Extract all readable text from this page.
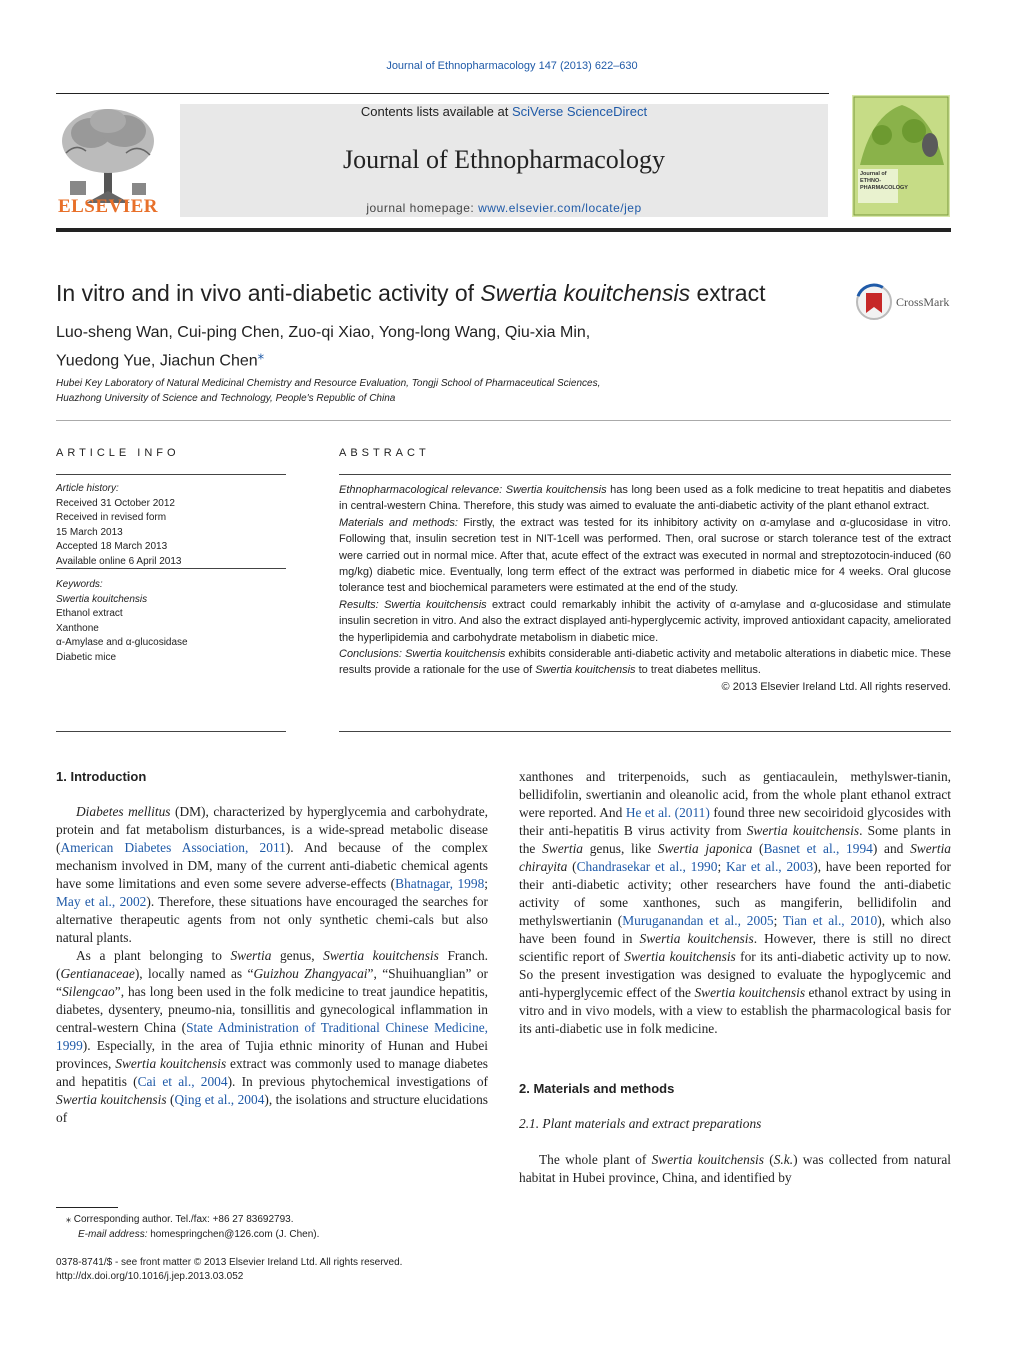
Journal of Ethnopharmacology 147 (2013) 622–630
ELSEVIER
Contents lists available at SciVerse ScienceDirect
Journal of Ethnopharmacology
journal homepage: www.elsevier.com/locate/jep
Journal of ETHNO- PHARMACOLOGY
In vitro and in vivo anti-diabetic activity of Swertia kouitchensis extract	CrossMark
Luo-sheng Wan, Cui-ping Chen, Zuo-qi Xiao, Yong-long Wang, Qiu-xia Min,
Yuedong Yue, Jiachun Chen⁎
Hubei Key Laboratory of Natural Medicinal Chemistry and Resource Evaluation, Tongji School of Pharmaceutical Sciences,
Huazhong University of Science and Technology, People's Republic of China
ARTICLE INFO	ABSTRACT
Article history:
Received 31 October 2012
Received in revised form
15 March 2013
Accepted 18 March 2013
Available online 6 April 2013
Keywords:
Swertia kouitchensis
Ethanol extract
Xanthone
α-Amylase and α-glucosidase
Diabetic mice

Ethnopharmacological relevance: Swertia kouitchensis has long been used as a folk medicine to treat hepatitis and diabetes in central-western China. Therefore, this study was aimed to evaluate the anti-diabetic activity of the plant ethanol extract.

Materials and methods: Firstly, the extract was tested for its inhibitory activity on α-amylase and α-glucosidase in vitro. Following that, insulin secretion test in NIT-1cell was performed. Then, oral sucrose or starch tolerance test of the extract were carried out in normal mice. After that, acute effect of the extract was executed in normal and streptozotocin-induced (60 mg/kg) diabetic mice. Eventually, long term effect of the extract was performed in diabetic mice for 4 weeks. Oral glucose tolerance test and biochemical parameters were estimated at the end of the study.

Results: Swertia kouitchensis extract could remarkably inhibit the activity of α-amylase and α-glucosidase and stimulate insulin secretion in vitro. And also the extract displayed anti-hyperglycemic activity, improved antioxidant capacity, ameliorated the hyperlipidemia and carbohydrate metabolism in diabetic mice.

Conclusions: Swertia kouitchensis exhibits considerable anti-diabetic activity and metabolic alterations in diabetic mice. These results provide a rationale for the use of Swertia kouitchensis to treat diabetes mellitus.

© 2013 Elsevier Ireland Ltd. All rights reserved.

1. Introduction

Diabetes mellitus (DM), characterized by hyperglycemia and carbohydrate, protein and fat metabolism disturbances, is a wide-spread metabolic disease (American Diabetes Association, 2011). And because of the complex mechanism involved in DM, many of the current anti-diabetic chemical agents have some limitations and even some severe adverse-effects (Bhatnagar, 1998; May et al., 2002). Therefore, these situations have encouraged the searches for alternative therapeutic agents from not only synthetic chemi-cals but also natural plants.

As a plant belonging to Swertia genus, Swertia kouitchensis Franch. (Gentianaceae), locally named as “Guizhou Zhangyacai”, “Shuihuanglian” or “Silengcao”, has long been used in the folk medicine to treat jaundice hepatitis, diabetes, dysentery, pneumo-nia, tonsillitis and gynecological inflammation in central-western China (State Administration of Traditional Chinese Medicine, 1999). Especially, in the area of Tujia ethnic minority of Hunan and Hubei provinces, Swertia kouitchensis extract was commonly used to manage diabetes and hepatitis (Cai et al., 2004). In previous phytochemical investigations of Swertia kouitchensis (Qing et al., 2004), the isolations and structure elucidations of

xanthones and triterpenoids, such as gentiacaulein, methylswer-tianin, bellidifolin, swertianin and oleanolic acid, from the whole plant ethanol extract were reported. And He et al. (2011) found three new secoiridoid glycosides with their anti-hepatitis B virus activity from Swertia kouitchensis. Some plants in the Swertia genus, like Swertia japonica (Basnet et al., 1994) and Swertia chirayita (Chandrasekar et al., 1990; Kar et al., 2003), have been reported for their anti-diabetic activity; other researchers have found the anti-diabetic activity of some xanthones, such as mangiferin, bellidifolin and methylswertianin (Muruganandan et al., 2005; Tian et al., 2010), which also have been found in Swertia kouitchensis. However, there is still no direct scientific report of Swertia kouitchensis for its anti-diabetic activity up to now. So the present investigation was designed to evaluate the hypoglycemic and anti-hyperglycemic effect of the Swertia kouitchensis ethanol extract by using in vitro and in vivo models, with a view to establish the pharmacological basis for its anti-diabetic use in folk medicine.

2. Materials and methods

2.1. Plant materials and extract preparations

The whole plant of Swertia kouitchensis (S.k.) was collected from natural habitat in Hubei province, China, and identified by

⁎ Corresponding author. Tel./fax: +86 27 83692793.
E-mail address: homespringchen@126.com (J. Chen).
0378-8741/$ - see front matter © 2013 Elsevier Ireland Ltd. All rights reserved.
http://dx.doi.org/10.1016/j.jep.2013.03.052
